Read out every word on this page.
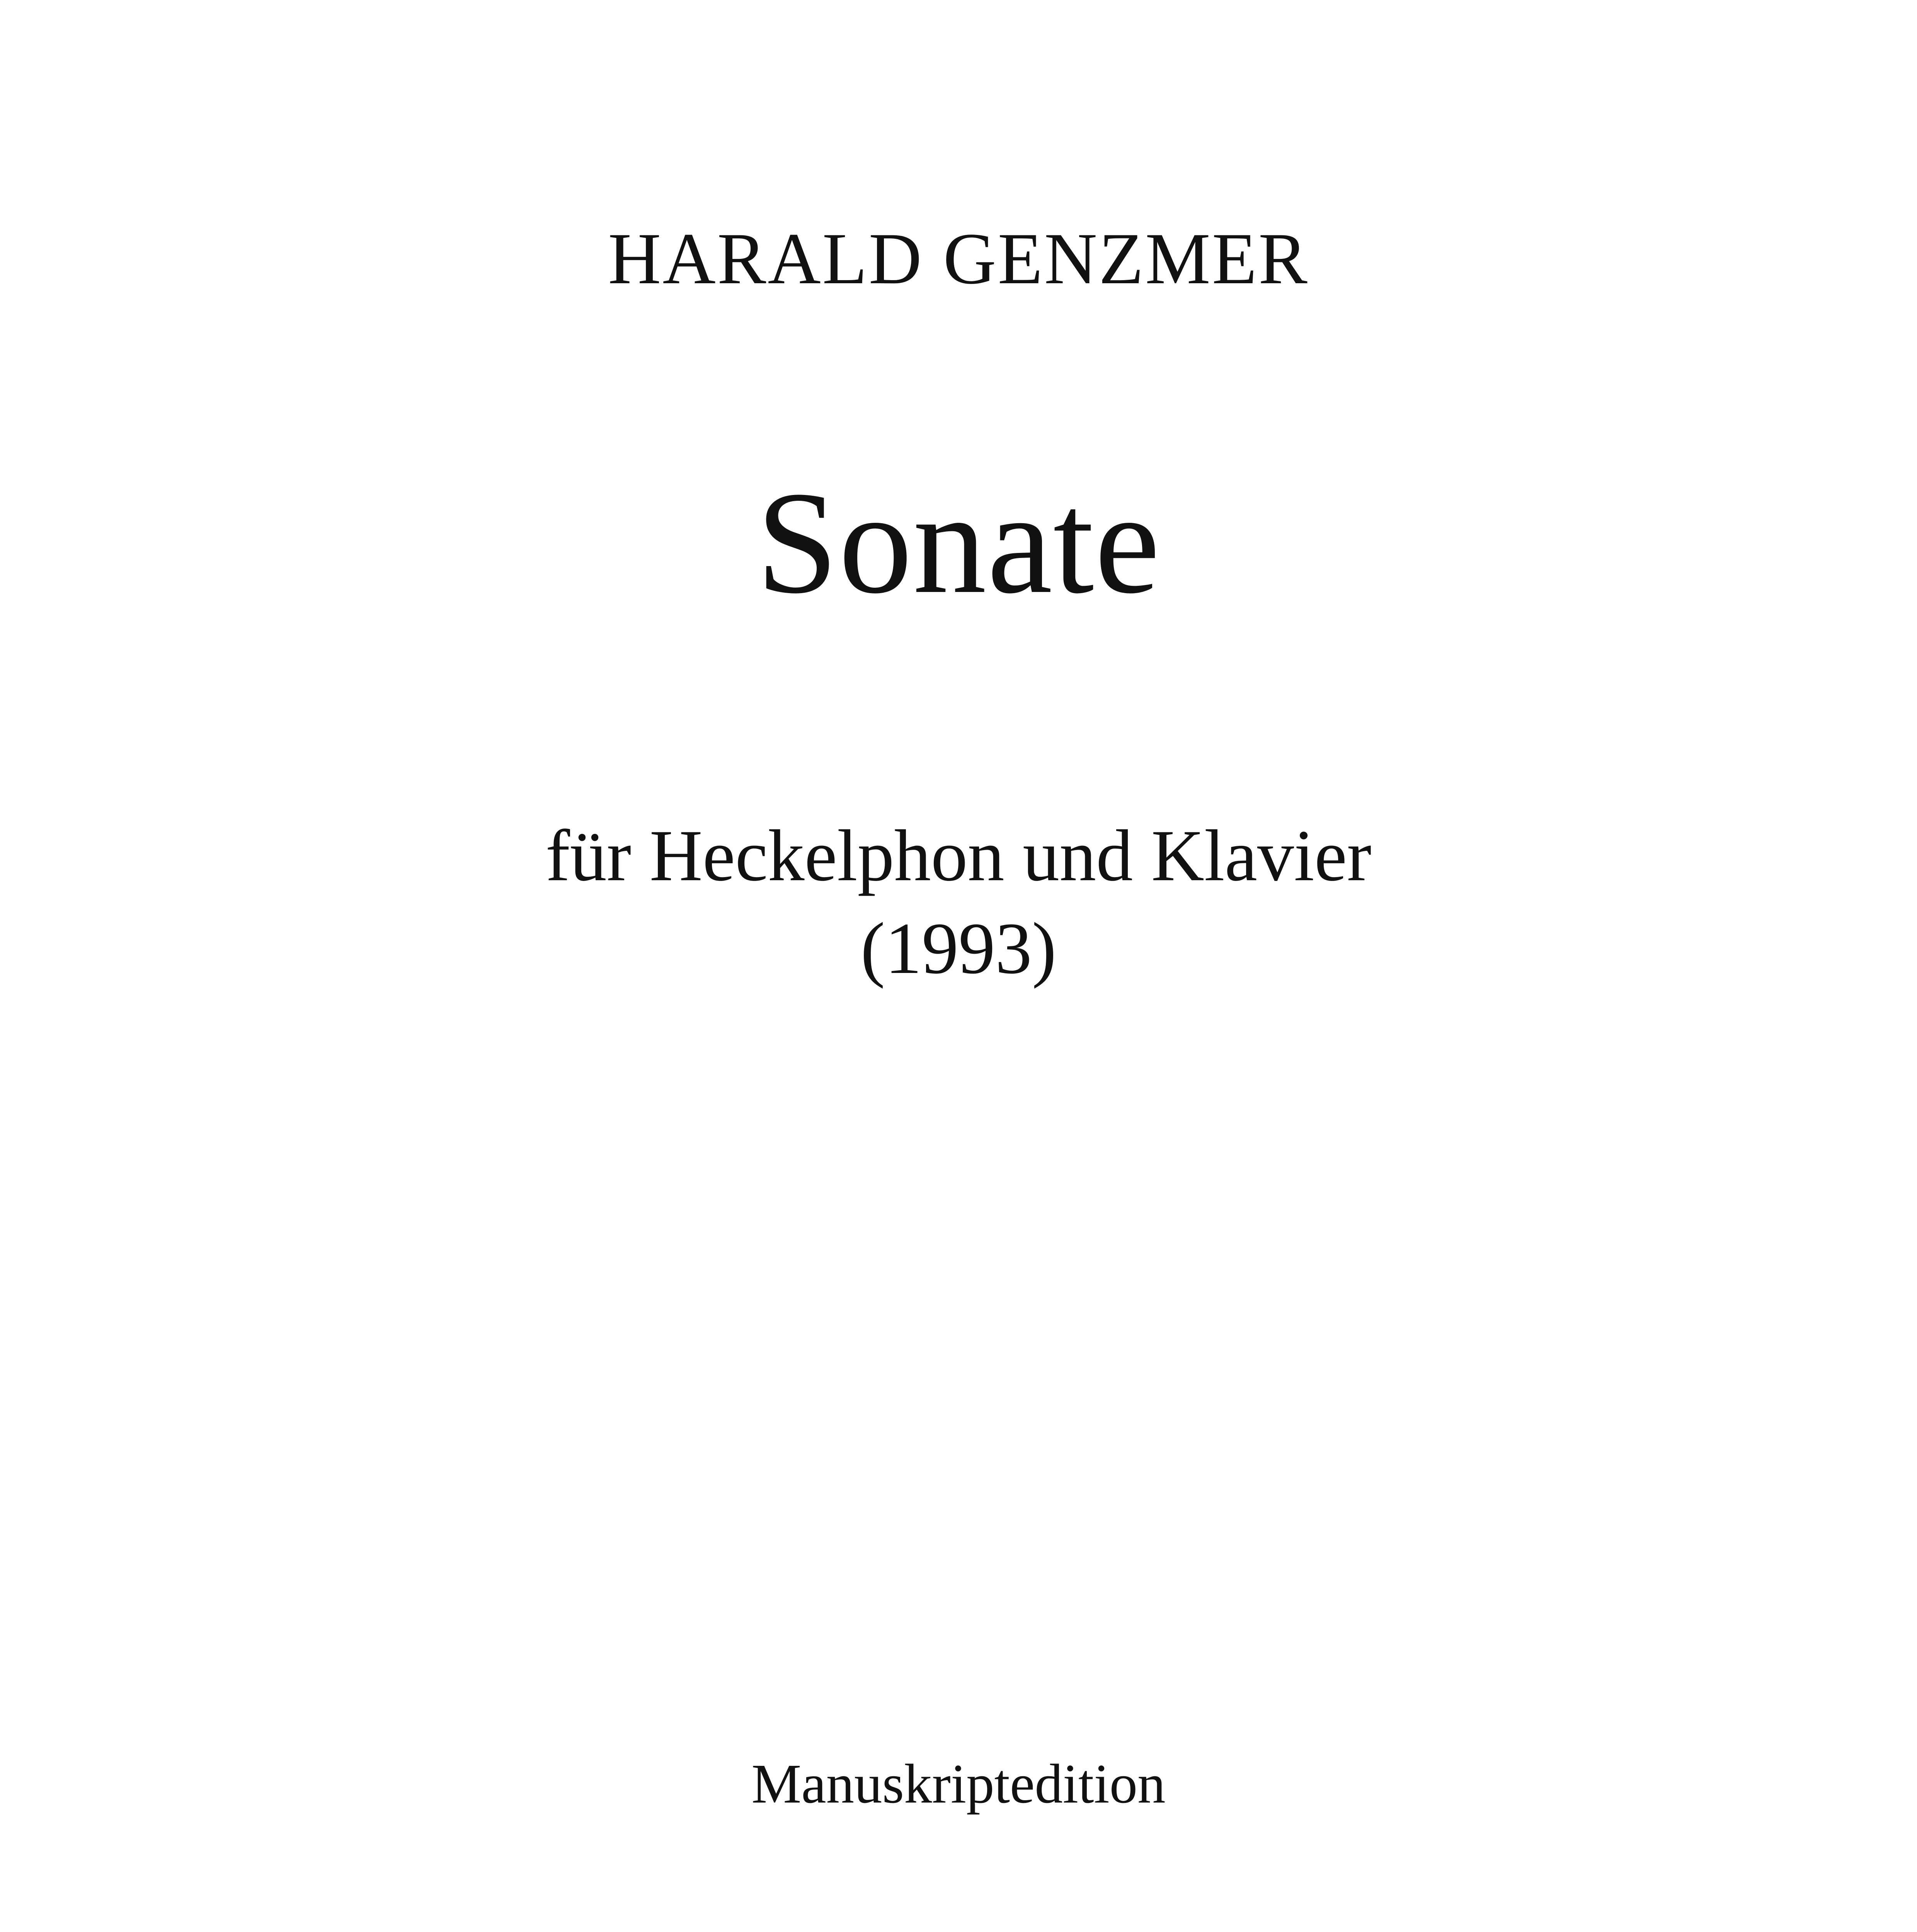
HARALD GENZMER
Sonate
für Heckelphon und Klavier
(1993)
Manuskriptedition
